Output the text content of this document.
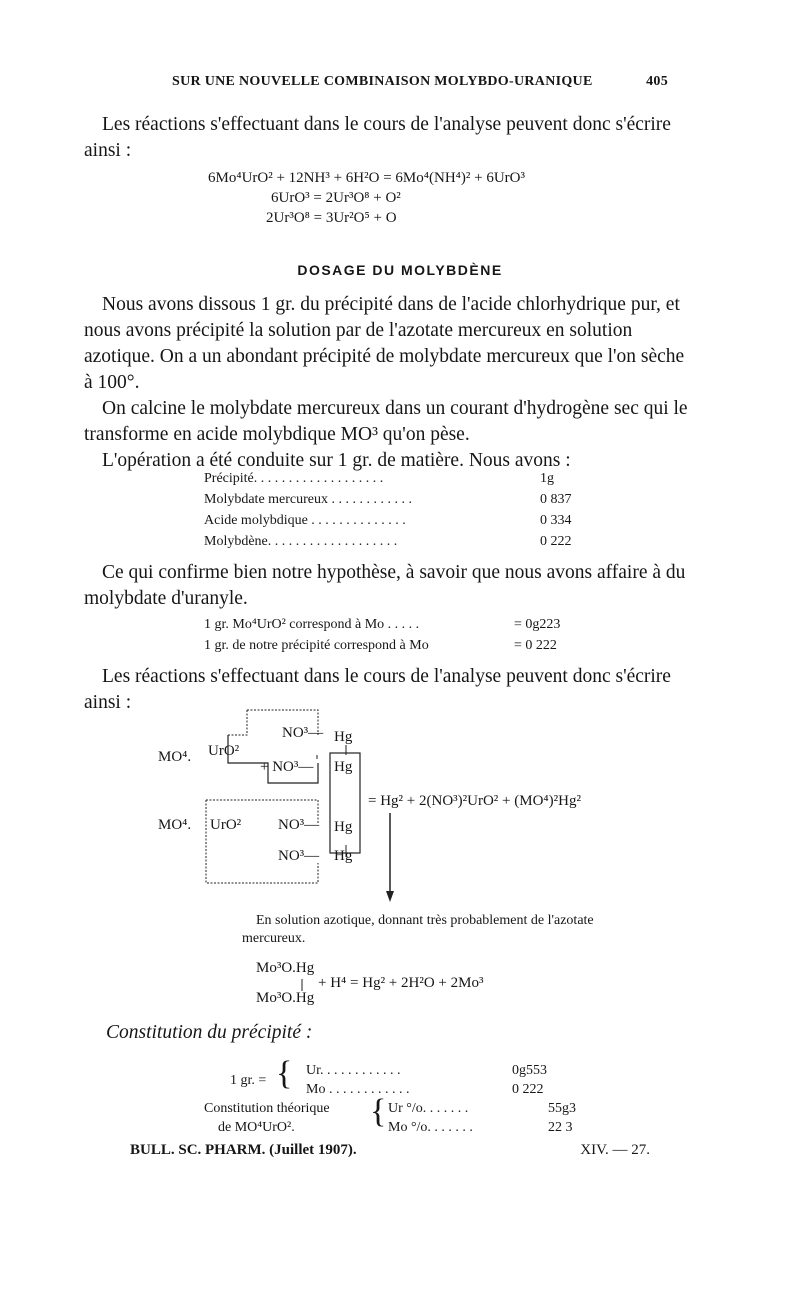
SUR UNE NOUVELLE COMBINAISON MOLYBDO-URANIQUE	405

Les réactions s'effectuant dans le cours de l'analyse peuvent donc s'écrire ainsi :

6Mo⁴UrO² + 12NH³ + 6H²O = 6Mo⁴(NH⁴)² + 6UrO³
6UrO³ = 2Ur³O⁸ + O²
2Ur³O⁸ = 3Ur²O⁵ + O
DOSAGE DU MOLYBDÈNE

Nous avons dissous 1 gr. du précipité dans de l'acide chlorhydrique pur, et nous avons précipité la solution par de l'azotate mercureux en solution azotique. On a un abondant précipité de molybdate mercureux que l'on sèche à 100°.

On calcine le molybdate mercureux dans un courant d'hydrogène sec qui le transforme en acide molybdique MO³ qu'on pèse.

L'opération a été conduite sur 1 gr. de matière. Nous avons :

Précipité. . . . . . . . . . . . . . . . . . .	1g
Molybdate mercureux . . . . . . . . . . . .	0 837
Acide molybdique . . . . . . . . . . . . . .	0 334
Molybdène. . . . . . . . . . . . . . . . . . .	0 222

Ce qui confirme bien notre hypothèse, à savoir que nous avons affaire à du molybdate d'uranyle.

1 gr. Mo⁴UrO² correspond à Mo . . . . .	= 0g223
1 gr. de notre précipité correspond à Mo	= 0 222

Les réactions s'effectuant dans le cours de l'analyse peuvent donc s'écrire ainsi :

MO⁴. UrO²
NO³— Hg
+ NO³— Hg
= Hg² + 2(NO³)²UrO² + (MO⁴)²Hg²
MO⁴. UrO² NO³— Hg
NO³— Hg
En solution azotique, donnant très probablement de l'azotate mercureux.
Mo³O.Hg
+ H⁴ = Hg² + 2H²O + 2Mo³
Mo³O.Hg
Constitution du précipité :
1 gr. = { Ur. . . . . . . . . . . .	0g553
Mo . . . . . . . . . . . .	0 222
Constitution théorique
de MO⁴UrO². { Ur °/o. . . . . . .	55g3
Mo °/o. . . . . . .	22 3
BULL. SC. PHARM. (Juillet 1907).	XIV. — 27.
